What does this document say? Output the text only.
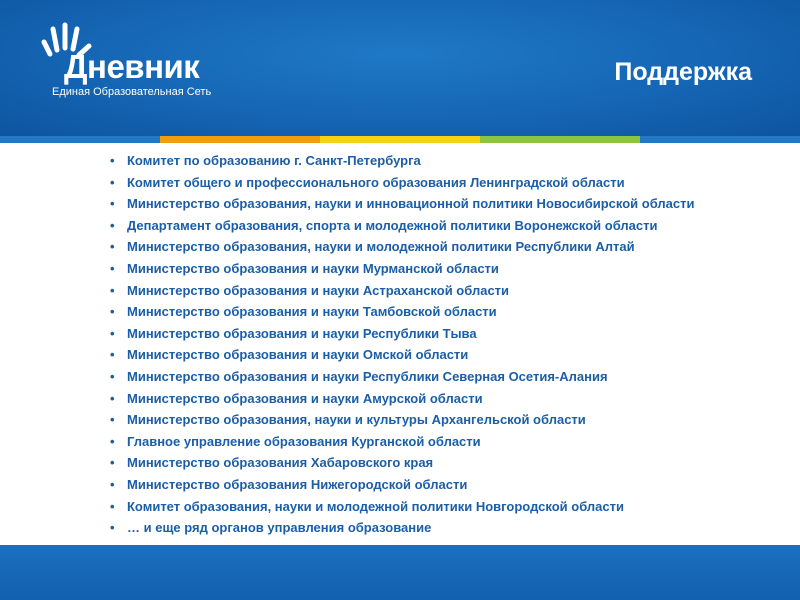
Дневник
Единая Образовательная Сеть
Поддержка
• Комитет по образованию г. Санкт-Петербурга
• Комитет общего и профессионального образования Ленинградской области
• Министерство образования, науки и инновационной политики Новосибирской области
• Департамент образования, спорта и молодежной политики Воронежской области
• Министерство образования, науки и молодежной политики Республики Алтай
• Министерство образования и науки Мурманской области
• Министерство образования и науки Астраханской области
• Министерство образования и науки Тамбовской области
• Министерство образования и науки Республики Тыва
• Министерство образования и науки Омской области
• Министерство образования и науки Республики Северная Осетия-Алания
• Министерство образования и науки Амурской области
• Министерство образования, науки и культуры Архангельской области
• Главное управление образования Курганской области
• Министерство образования Хабаровского края
• Министерство образования Нижегородской области
• Комитет образования, науки и молодежной политики Новгородской области
• … и еще ряд органов управления образование
